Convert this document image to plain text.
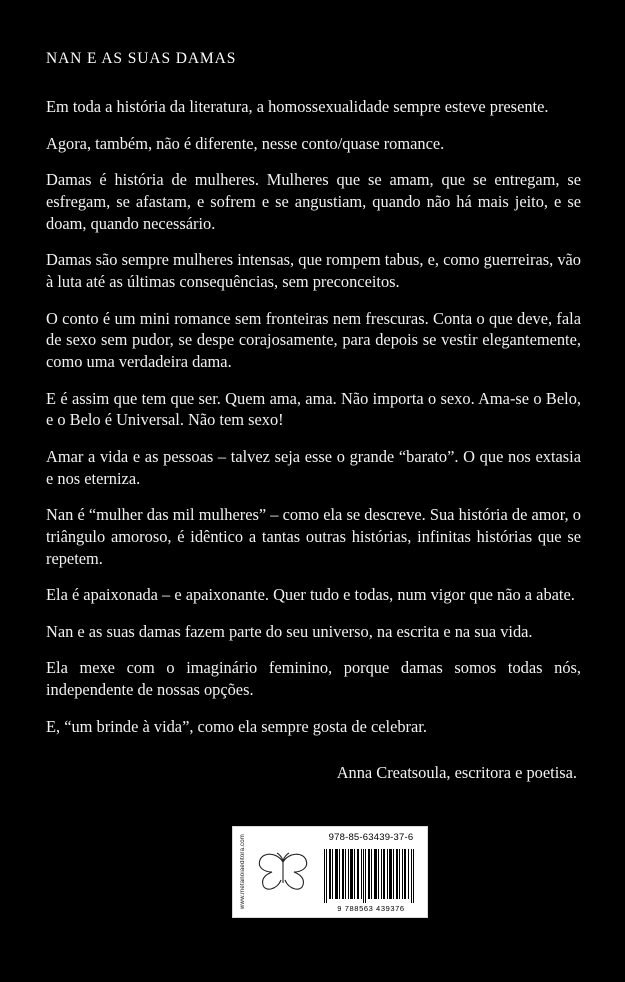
NAN E AS SUAS DAMAS

Em toda a história da literatura, a homossexualidade sempre esteve presente.

Agora, também, não é diferente, nesse conto/quase romance.

Damas é história de mulheres. Mulheres que se amam, que se entregam, se esfregam, se afastam, e sofrem e se angustiam, quando não há mais jeito, e se doam, quando necessário.

Damas são sempre mulheres intensas, que rompem tabus, e, como guerreiras, vão à luta até as últimas consequências, sem preconceitos.

O conto é um mini romance sem fronteiras nem frescuras. Conta o que deve, fala de sexo sem pudor, se despe corajosamente, para depois se vestir elegantemente, como uma verdadeira dama.

E é assim que tem que ser. Quem ama, ama. Não importa o sexo. Ama-se o Belo, e o Belo é Universal. Não tem sexo!

Amar a vida e as pessoas – talvez seja esse o grande “barato”. O que nos extasia e nos eterniza.

Nan é “mulher das mil mulheres” – como ela se descreve. Sua história de amor, o triângulo amoroso, é idêntico a tantas outras histórias, infinitas histórias que se repetem.

Ela é apaixonada – e apaixonante. Quer tudo e todas, num vigor que não a abate.

Nan e as suas damas fazem parte do seu universo, na escrita e na sua vida.

Ela mexe com o imaginário feminino, porque damas somos todas nós, independente de nossas opções.

E, “um brinde à vida”, como ela sempre gosta de celebrar.

Anna Creatsoula, escritora e poetisa.
www.metanoiaeditora.com	978-85-63439-37-6
9 788563 439376
